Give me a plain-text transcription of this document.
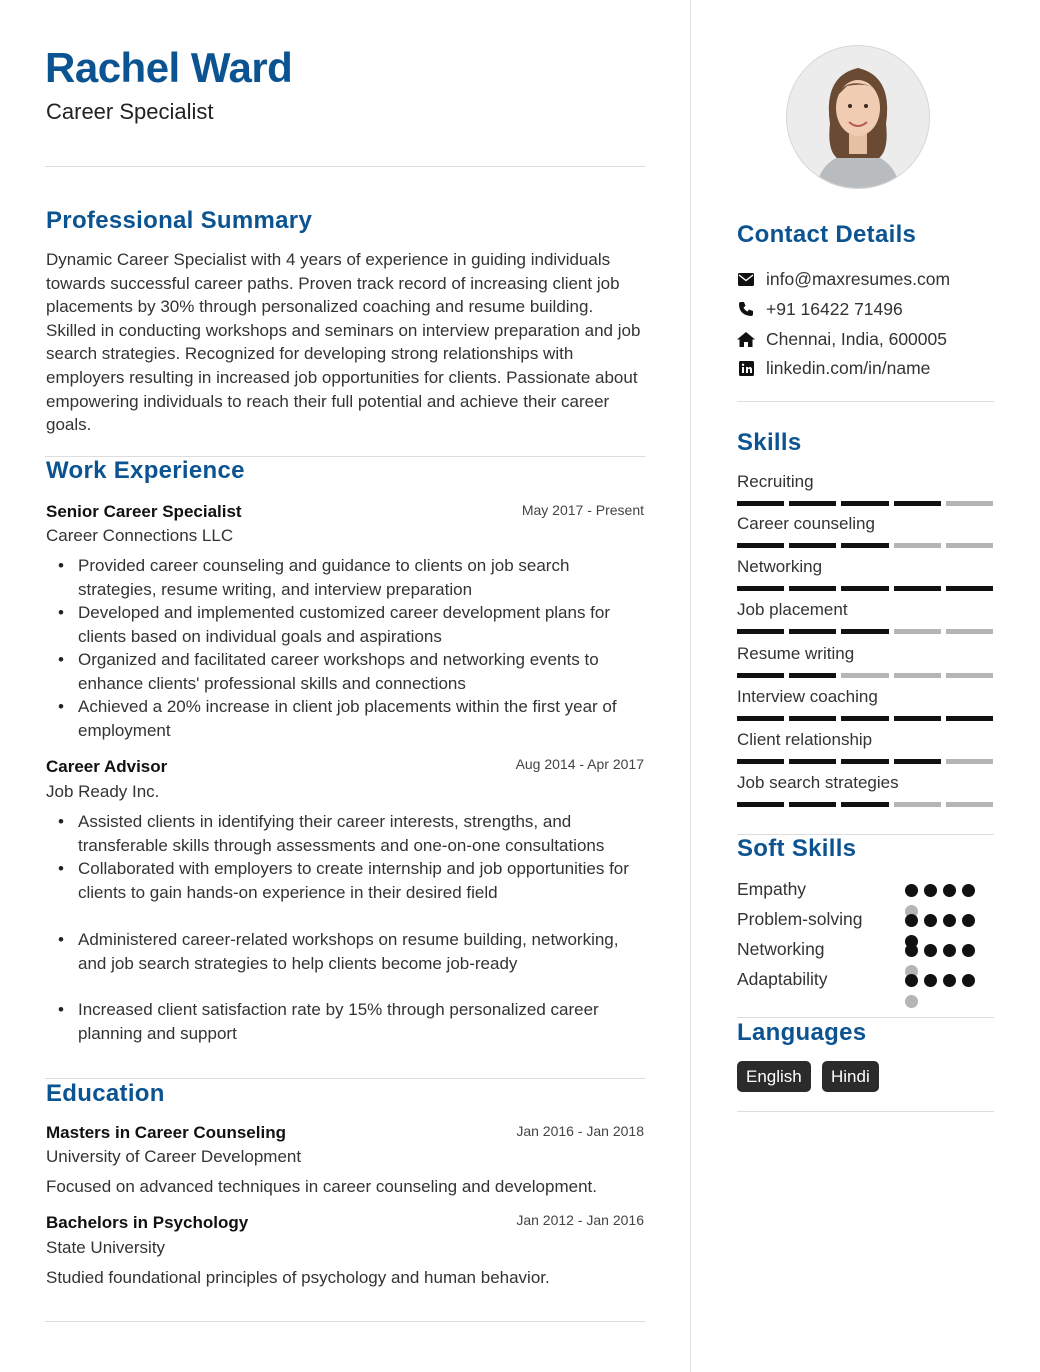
Rachel Ward
Career Specialist
Professional Summary
Dynamic Career Specialist with 4 years of experience in guiding individuals towards successful career paths. Proven track record of increasing client job placements by 30% through personalized coaching and resume building. Skilled in conducting workshops and seminars on interview preparation and job search strategies. Recognized for developing strong relationships with employers resulting in increased job opportunities for clients. Passionate about empowering individuals to reach their full potential and achieve their career goals.
Work Experience
Senior Career Specialist	May 2017 - Present
Career Connections LLC
• Provided career counseling and guidance to clients on job search strategies, resume writing, and interview preparation
• Developed and implemented customized career development plans for clients based on individual goals and aspirations
• Organized and facilitated career workshops and networking events to enhance clients' professional skills and connections
• Achieved a 20% increase in client job placements within the first year of employment
Career Advisor	Aug 2014 - Apr 2017
Job Ready Inc.
• Assisted clients in identifying their career interests, strengths, and transferable skills through assessments and one-on-one consultations
• Collaborated with employers to create internship and job opportunities for clients to gain hands-on experience in their desired field
• Administered career-related workshops on resume building, networking, and job search strategies to help clients become job-ready
• Increased client satisfaction rate by 15% through personalized career planning and support
Education
Masters in Career Counseling	Jan 2016 - Jan 2018
University of Career Development
Focused on advanced techniques in career counseling and development.
Bachelors in Psychology	Jan 2012 - Jan 2016
State University
Studied foundational principles of psychology and human behavior.
Contact Details
info@maxresumes.com
+91 16422 71496
Chennai, India, 600005
linkedin.com/in/name
Skills
Recruiting
Career counseling
Networking
Job placement
Resume writing
Interview coaching
Client relationship
Job search strategies
Soft Skills
Empathy
Problem-solving
Networking
Adaptability
Languages
English	Hindi
